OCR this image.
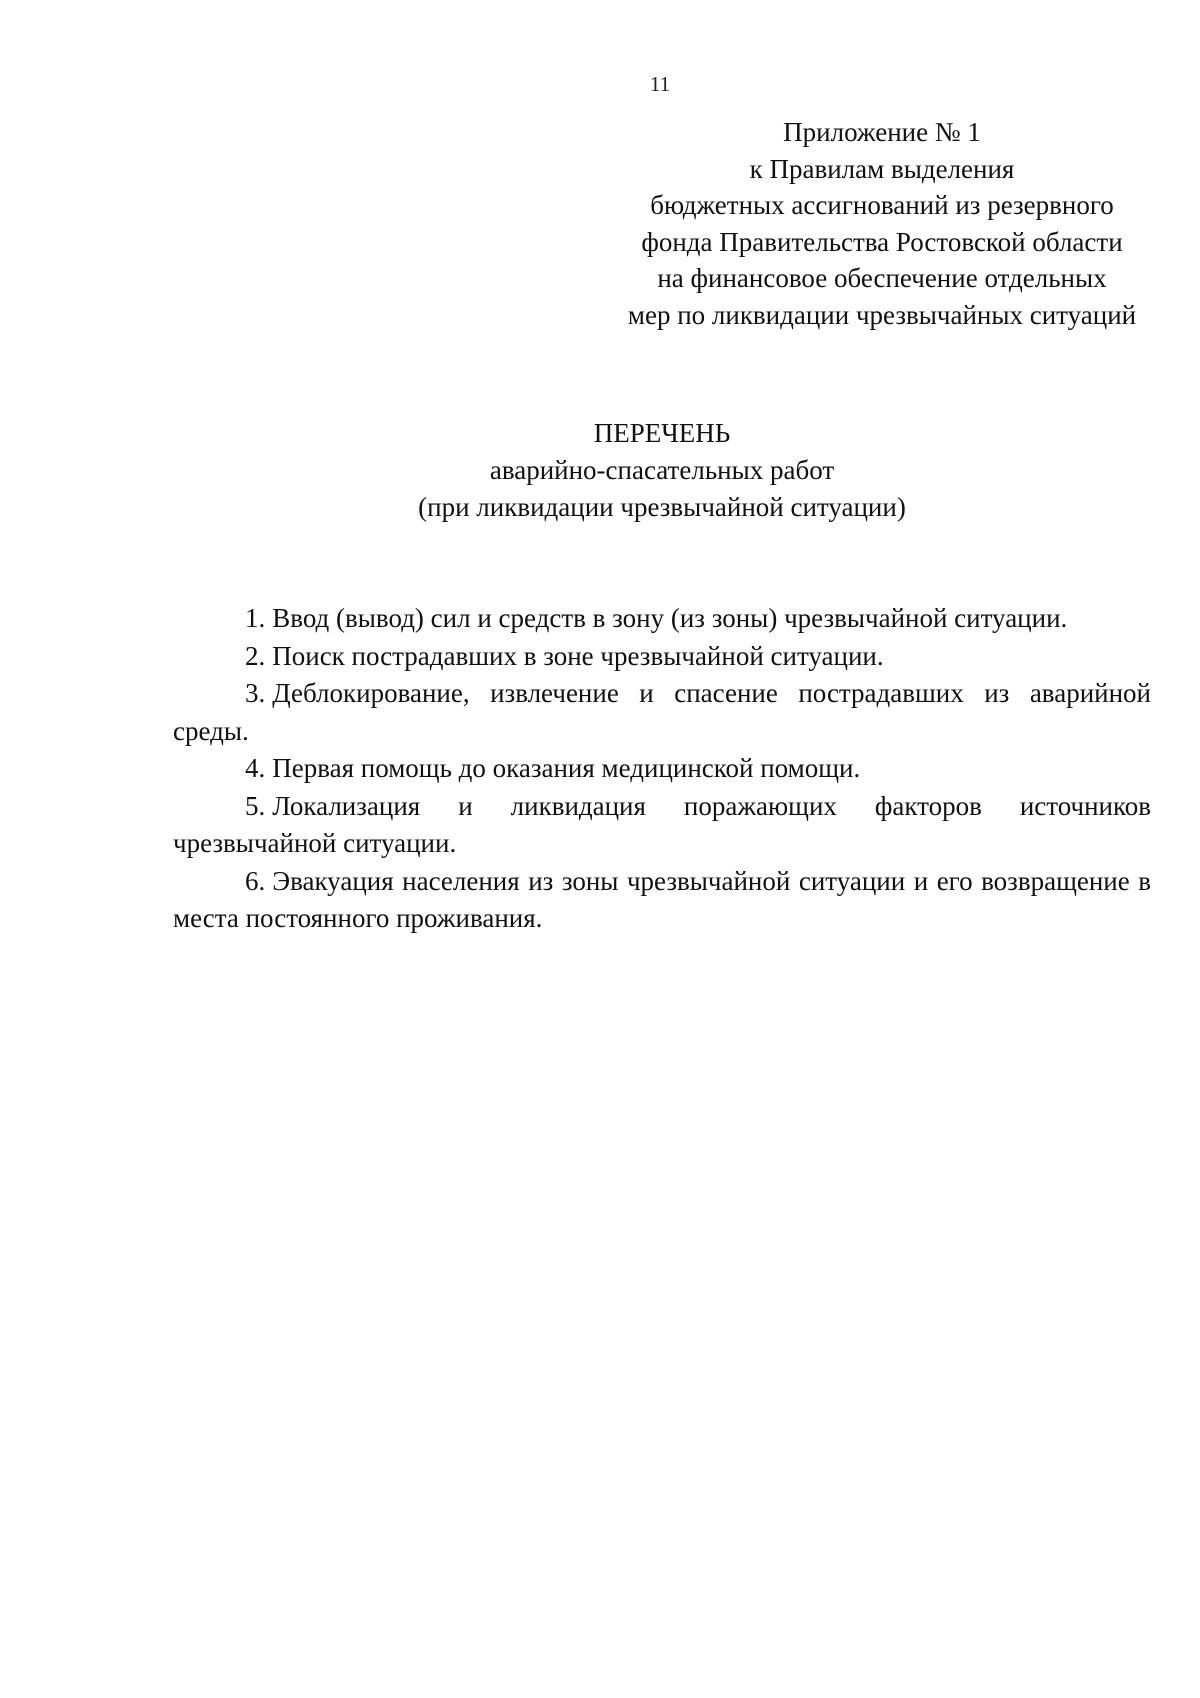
11
Приложение № 1
к Правилам выделения
бюджетных ассигнований из резервного
фонда Правительства Ростовской области
на финансовое обеспечение отдельных
мер по ликвидации чрезвычайных ситуаций
ПЕРЕЧЕНЬ
аварийно-спасательных работ
(при ликвидации чрезвычайной ситуации)

1. Ввод (вывод) сил и средств в зону (из зоны) чрезвычайной ситуации.

2. Поиск пострадавших в зоне чрезвычайной ситуации.

3. Деблокирование, извлечение и спасение пострадавших из аварийной среды.

4. Первая помощь до оказания медицинской помощи.

5. Локализация и ликвидация поражающих факторов источников чрезвычайной ситуации.

6. Эвакуация населения из зоны чрезвычайной ситуации и его возвращение в места постоянного проживания.
